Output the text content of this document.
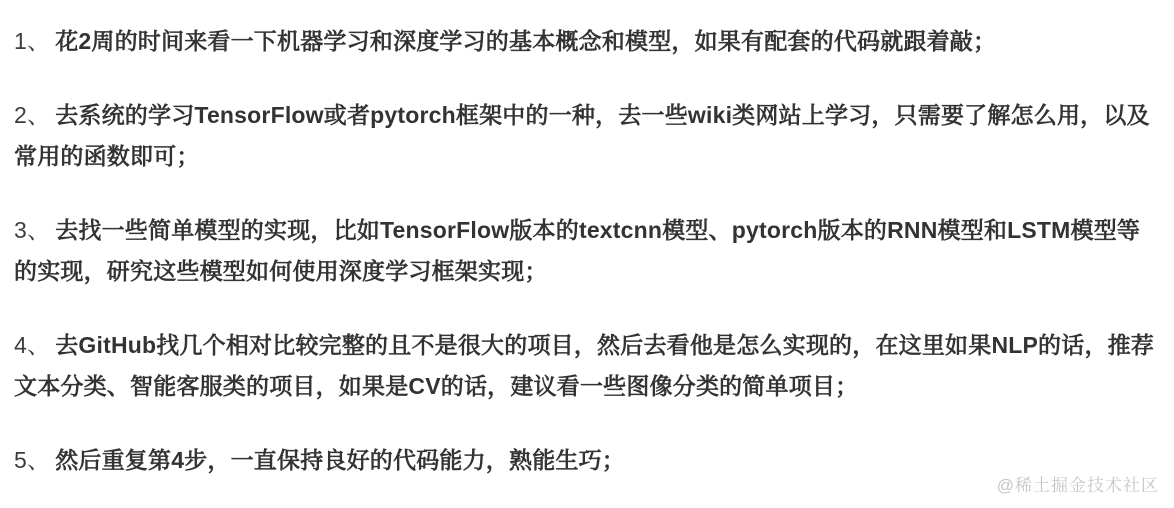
1、 花2周的时间来看一下机器学习和深度学习的基本概念和模型，如果有配套的代码就跟着敲；

2、 去系统的学习TensorFlow或者pytorch框架中的一种，去一些wiki类网站上学习，只需要了解怎么用，以及常用的函数即可；

3、 去找一些简单模型的实现，比如TensorFlow版本的textcnn模型、pytorch版本的RNN模型和LSTM模型等的实现，研究这些模型如何使用深度学习框架实现；

4、 去GitHub找几个相对比较完整的且不是很大的项目，然后去看他是怎么实现的，在这里如果NLP的话，推荐文本分类、智能客服类的项目，如果是CV的话，建议看一些图像分类的简单项目；

5、 然后重复第4步，一直保持良好的代码能力，熟能生巧；

@稀土掘金技术社区
